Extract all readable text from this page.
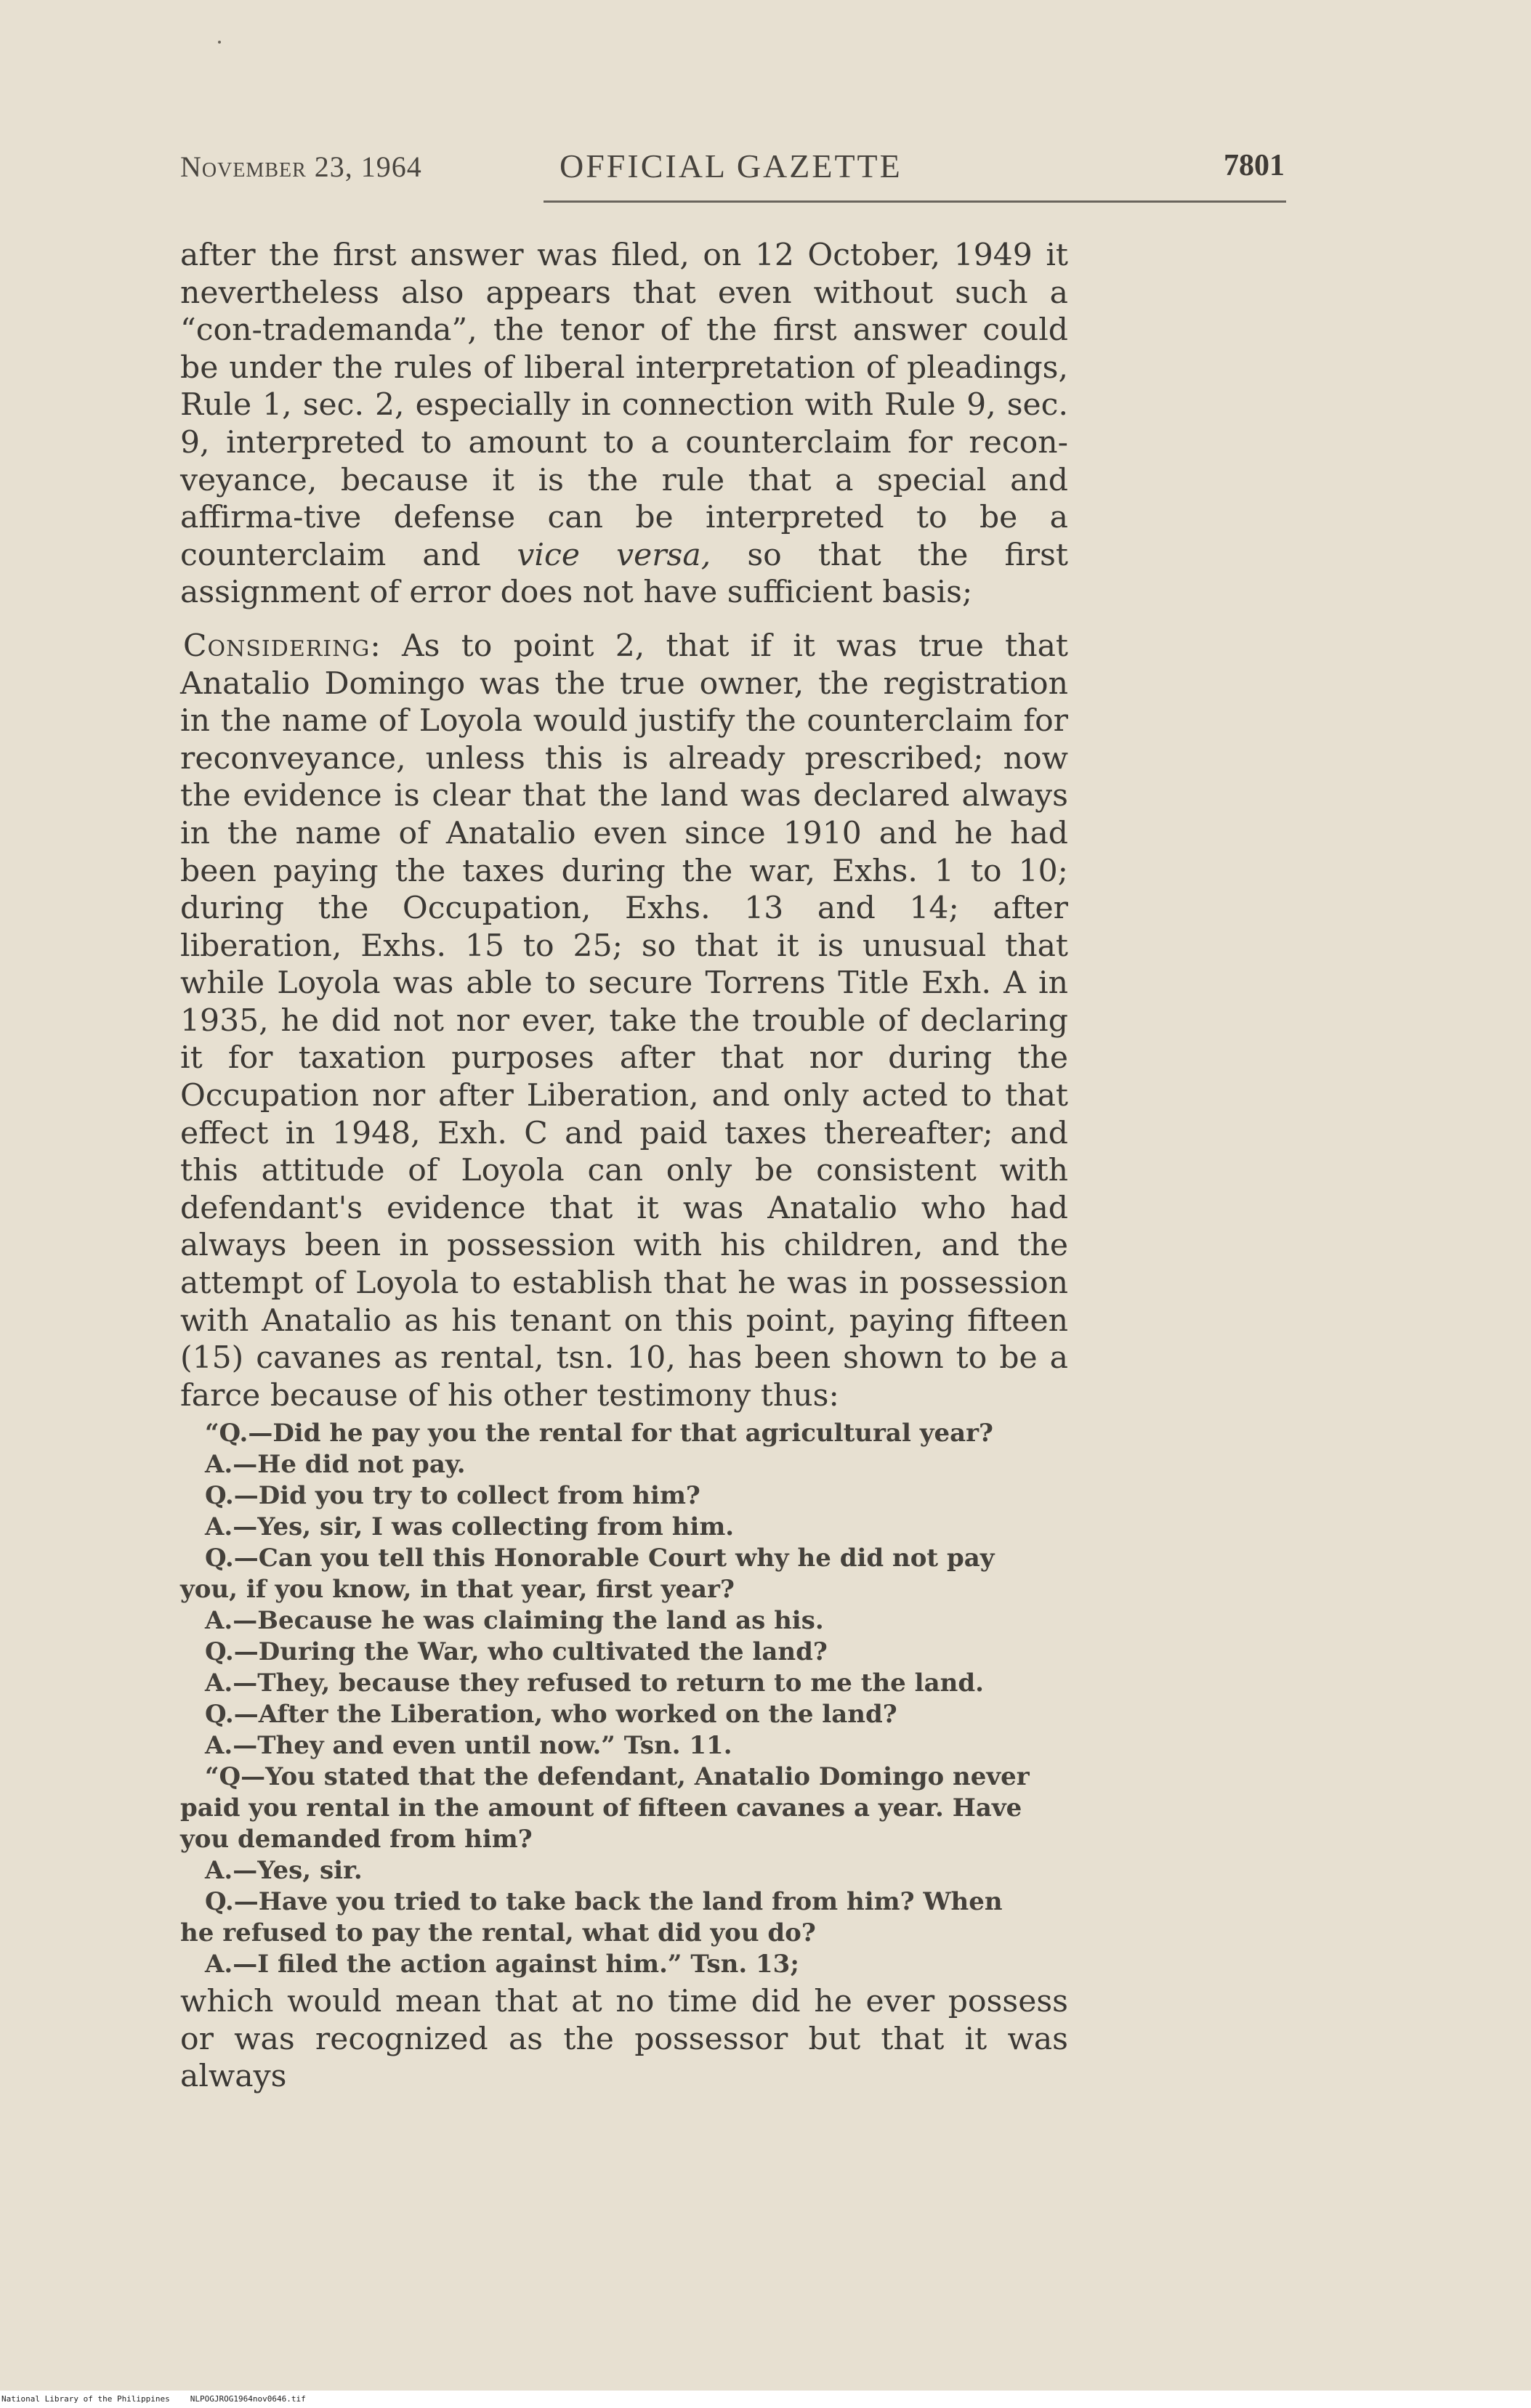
November 23, 1964	OFFICIAL GAZETTE	7801

after the first answer was filed, on 12 October, 1949 it nevertheless also appears that even without such a “con-trademanda”, the tenor of the first answer could be under the rules of liberal interpretation of pleadings, Rule 1, sec. 2, especially in connection with Rule 9, sec. 9, interpreted to amount to a counterclaim for recon-veyance, because it is the rule that a special and affirma-tive defense can be interpreted to be a counterclaim and vice versa, so that the first assignment of error does not have sufficient basis;

Considering: As to point 2, that if it was true that Anatalio Domingo was the true owner, the registration in the name of Loyola would justify the counterclaim for reconveyance, unless this is already prescribed; now the evidence is clear that the land was declared always in the name of Anatalio even since 1910 and he had been paying the taxes during the war, Exhs. 1 to 10; during the Occupation, Exhs. 13 and 14; after liberation, Exhs. 15 to 25; so that it is unusual that while Loyola was able to secure Torrens Title Exh. A in 1935, he did not nor ever, take the trouble of declaring it for taxation purposes after that nor during the Occupation nor after Liberation, and only acted to that effect in 1948, Exh. C and paid taxes thereafter; and this attitude of Loyola can only be consistent with defendant's evidence that it was Anatalio who had always been in possession with his children, and the attempt of Loyola to establish that he was in possession with Anatalio as his tenant on this point, paying fifteen (15) cavanes as rental, tsn. 10, has been shown to be a farce because of his other testimony thus:

“Q.—Did he pay you the rental for that agricultural year?

A.—He did not pay.

Q.—Did you try to collect from him?

A.—Yes, sir, I was collecting from him.

Q.—Can you tell this Honorable Court why he did not pay

you, if you know, in that year, first year?

A.—Because he was claiming the land as his.

Q.—During the War, who cultivated the land?

A.—They, because they refused to return to me the land.

Q.—After the Liberation, who worked on the land?

A.—They and even until now.” Tsn. 11.

“Q—You stated that the defendant, Anatalio Domingo never

paid you rental in the amount of fifteen cavanes a year. Have

you demanded from him?

A.—Yes, sir.

Q.—Have you tried to take back the land from him? When

he refused to pay the rental, what did you do?

A.—I filed the action against him.” Tsn. 13;

which would mean that at no time did he ever possess or was recognized as the possessor but that it was always

National Library of the Philippines	NLPOGJROG1964nov0646.tif
